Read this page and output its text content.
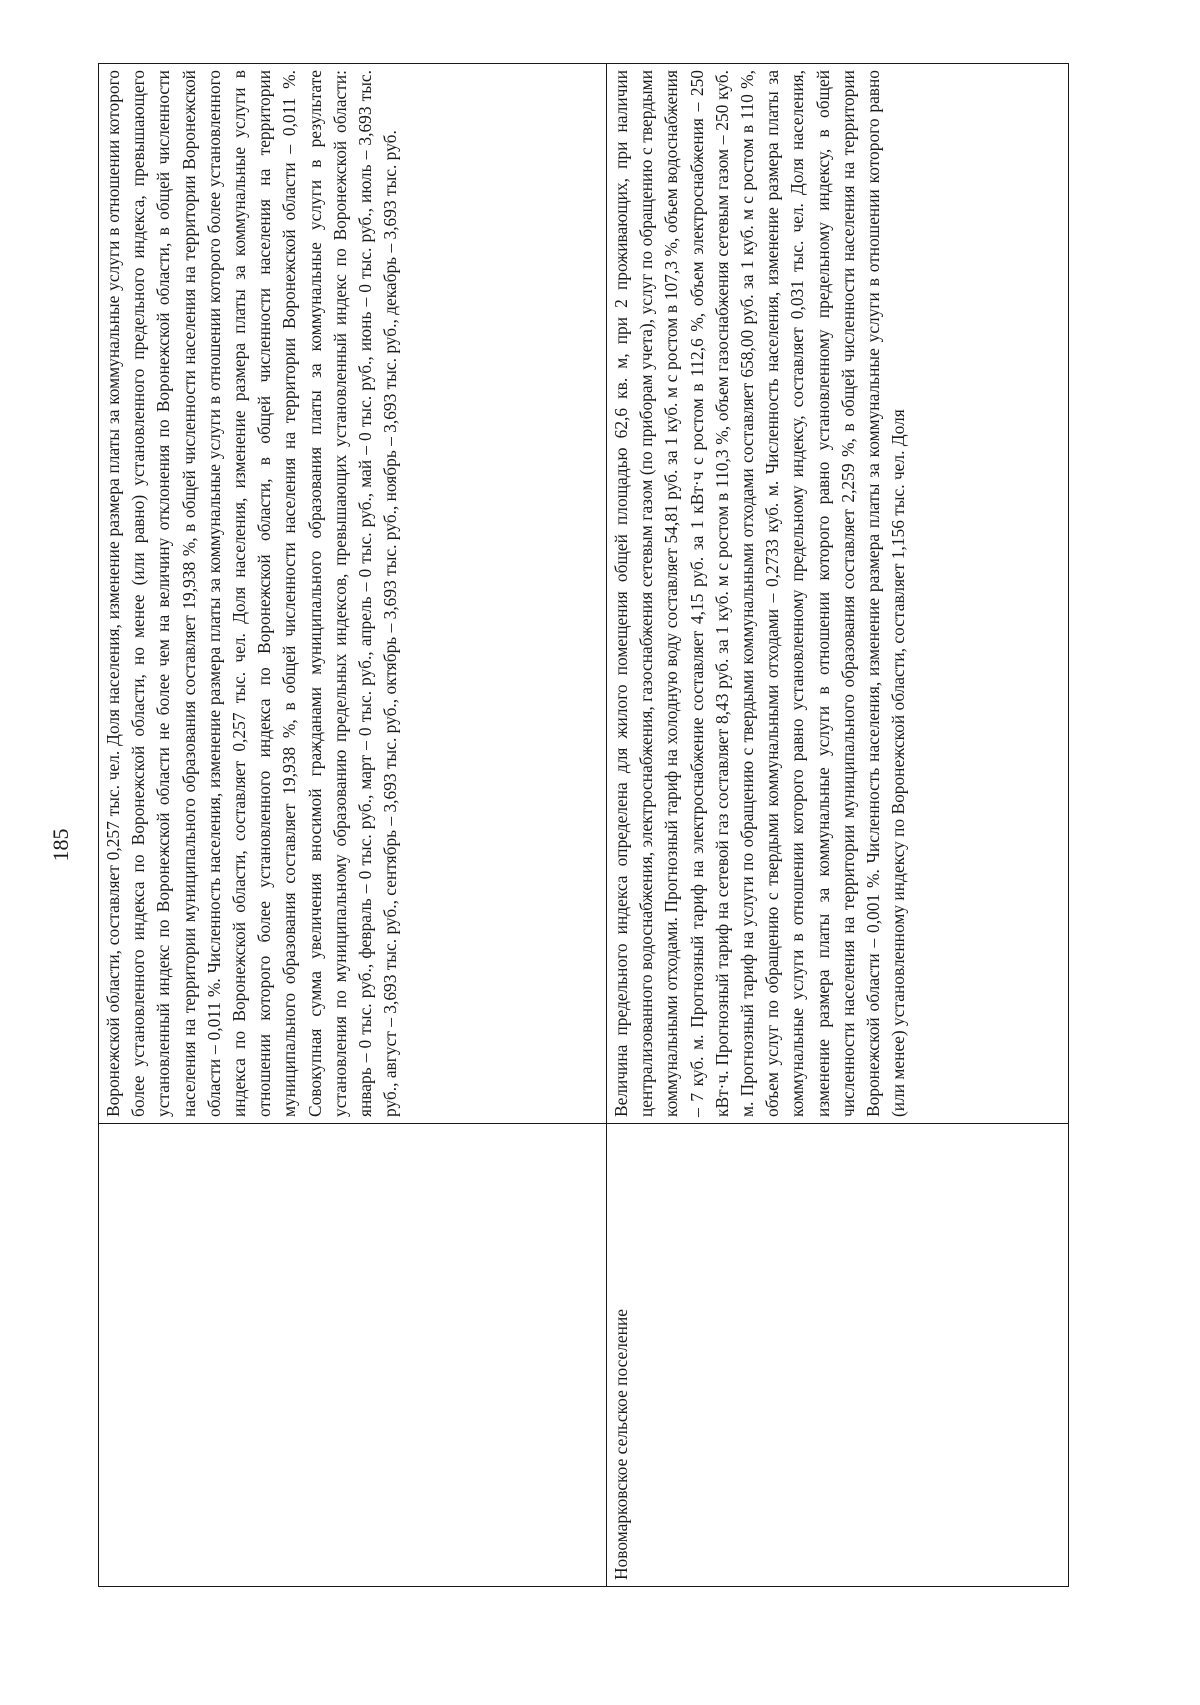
185
	Воронежской области, составляет 0,257 тыс. чел. Доля населения, изменение размера платы за коммунальные услуги в отношении которого более установленного индекса по Воронежской области, но менее (или равно) установленного предельного индекса, превышающего установленный индекс по Воронежской области не более чем на величину отклонения по Воронежской области, в общей численности населения на территории муниципального образования составляет 19,938 %, в общей численности населения на территории Воронежской области – 0,011 %. Численность населения, изменение размера платы за коммунальные услуги в отношении которого более установленного индекса по Воронежской области, составляет 0,257 тыс. чел. Доля населения, изменение размера платы за коммунальные услуги в отношении которого более установленного индекса по Воронежской области, в общей численности населения на территории муниципального образования составляет 19,938 %, в общей численности населения на территории Воронежской области – 0,011 %. Совокупная сумма увеличения вносимой гражданами муниципального образования платы за коммунальные услуги в результате установления по муниципальному образованию предельных индексов, превышающих установленный индекс по Воронежской области: январь – 0 тыс. руб., февраль – 0 тыс. руб., март – 0 тыс. руб., апрель – 0 тыс. руб., май – 0 тыс. руб., июнь – 0 тыс. руб., июль – 3,693 тыс. руб., август – 3,693 тыс. руб., сентябрь – 3,693 тыс. руб., октябрь – 3,693 тыс. руб., ноябрь – 3,693 тыс. руб., декабрь – 3,693 тыс. руб.
Новомарковское сельское поселение	Величина предельного индекса определена для жилого помещения общей площадью 62,6 кв. м, при 2 проживающих, при наличии централизованного водоснабжения, электроснабжения, газоснабжения сетевым газом (по приборам учета), услуг по обращению с твердыми коммунальными отходами. Прогнозный тариф на холодную воду составляет 54,81 руб. за 1 куб. м с ростом в 107,3 %, объем водоснабжения – 7 куб. м. Прогнозный тариф на электроснабжение составляет 4,15 руб. за 1 кВт·ч с ростом в 112,6 %, объем электроснабжения – 250 кВт·ч. Прогнозный тариф на сетевой газ составляет 8,43 руб. за 1 куб. м с ростом в 110,3 %, объем газоснабжения сетевым газом – 250 куб. м. Прогнозный тариф на услуги по обращению с твердыми коммунальными отходами составляет 658,00 руб. за 1 куб. м с ростом в 110 %, объем услуг по обращению с твердыми коммунальными отходами – 0,2733 куб. м. Численность населения, изменение размера платы за коммунальные услуги в отношении которого равно установленному предельному индексу, составляет 0,031 тыс. чел. Доля населения, изменение размера платы за коммунальные услуги в отношении которого равно установленному предельному индексу, в общей численности населения на территории муниципального образования составляет 2,259 %, в общей численности населения на территории Воронежской области – 0,001 %. Численность населения, изменение размера платы за коммунальные услуги в отношении которого равно (или менее) установленному индексу по Воронежской области, составляет 1,156 тыс. чел. Доля
